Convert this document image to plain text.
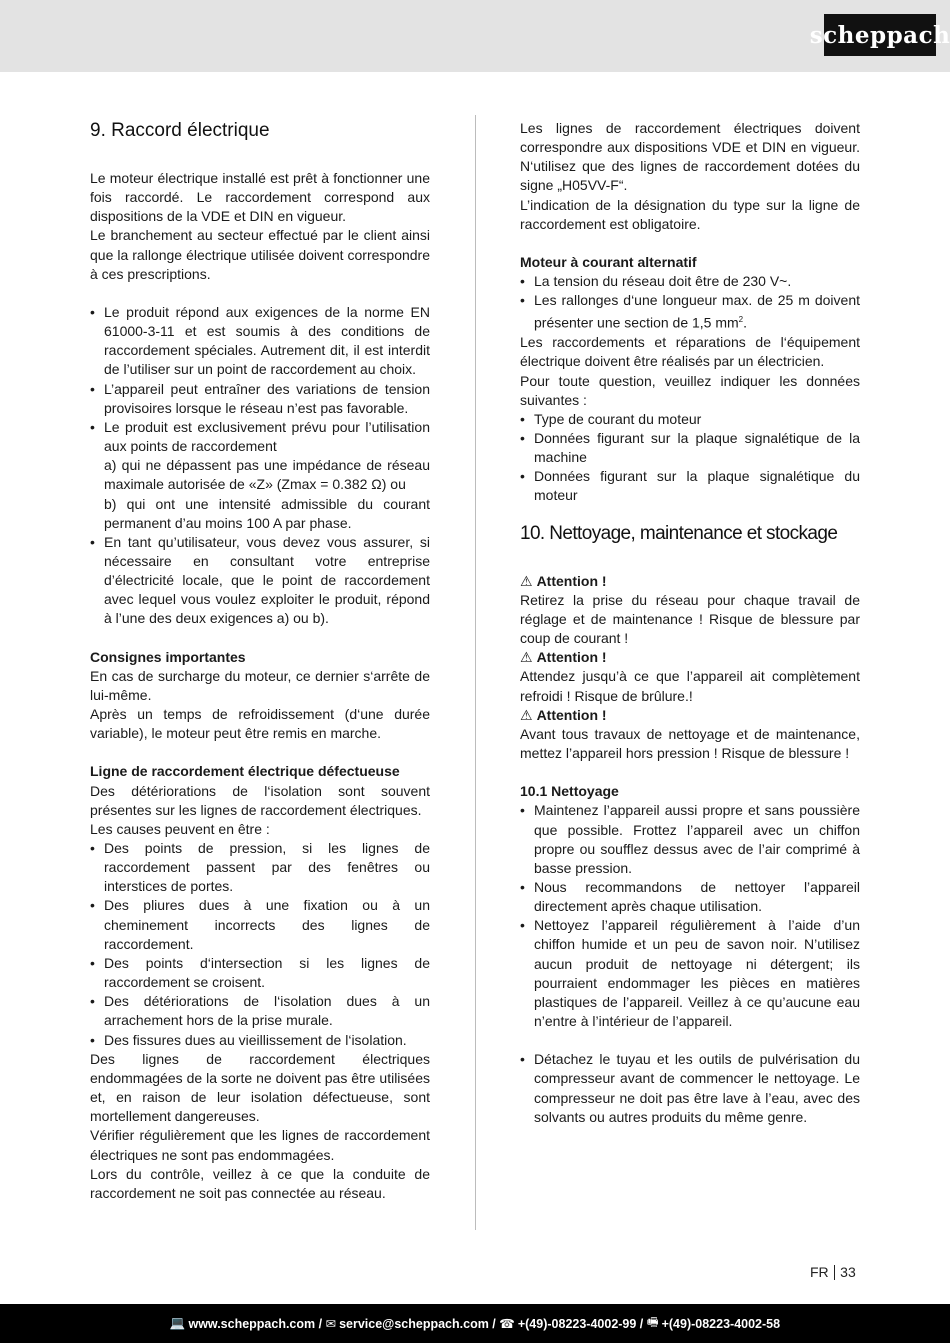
scheppach
9. Raccord électrique

Le moteur électrique installé est prêt à fonctionner une fois raccordé. Le raccordement correspond aux dispositions de la VDE et DIN en vigueur.

Le branchement au secteur effectué par le client ainsi que la rallonge électrique utilisée doivent correspondre à ces prescriptions.

• Le produit répond aux exigences de la norme EN 61000-3-11 et est soumis à des conditions de raccordement spéciales. Autrement dit, il est interdit de l’utiliser sur un point de raccordement au choix.
• L’appareil peut entraîner des variations de tension provisoires lorsque le réseau n’est pas favorable.

• Le produit est exclusivement prévu pour l’utilisation aux points de raccordement

a) qui ne dépassent pas une impédance de réseau maximale autorisée de «Z» (Zmax = 0.382 Ω) ou

b) qui ont une intensité admissible du courant permanent d’au moins 100 A par phase.

• En tant qu’utilisateur, vous devez vous assurer, si nécessaire en consultant votre entreprise d’électricité locale, que le point de raccordement avec lequel vous voulez exploiter le produit, répond à l’une des deux exigences a) ou b).

Consignes importantes

En cas de surcharge du moteur, ce dernier s‘arrête de lui-même.

Après un temps de refroidissement (d‘une durée variable), le moteur peut être remis en marche.

Ligne de raccordement électrique défectueuse

Des détériorations de l‘isolation sont souvent présentes sur les lignes de raccordement électriques.

Les causes peuvent en être :

• Des points de pression, si les lignes de raccordement passent par des fenêtres ou interstices de portes.
• Des pliures dues à une fixation ou à un cheminement incorrects des lignes de raccordement.
• Des points d‘intersection si les lignes de raccordement se croisent.
• Des détériorations de l‘isolation dues à un arrachement hors de la prise murale.
• Des fissures dues au vieillissement de l‘isolation.

Des lignes de raccordement électriques endommagées de la sorte ne doivent pas être utilisées et, en raison de leur isolation défectueuse, sont mortellement dangereuses.

Vérifier régulièrement que les lignes de raccordement électriques ne sont pas endommagées.

Lors du contrôle, veillez à ce que la conduite de raccordement ne soit pas connectée au réseau.

Les lignes de raccordement électriques doivent correspondre aux dispositions VDE et DIN en vigueur. N‘utilisez que des lignes de raccordement dotées du signe „H05VV-F“.

L’indication de la désignation du type sur la ligne de raccordement est obligatoire.

Moteur à courant alternatif

• La tension du réseau doit être de 230 V~.
• Les rallonges d‘une longueur max. de 25 m doivent présenter une section de 1,5 $mm^2$.

Les raccordements et réparations de l‘équipement électrique doivent être réalisés par un électricien.

Pour toute question, veuillez indiquer les données suivantes :

• Type de courant du moteur
• Données figurant sur la plaque signalétique de la machine
• Données figurant sur la plaque signalétique du moteur
10. Nettoyage, maintenance et stockage

⚠ Attention !

Retirez la prise du réseau pour chaque travail de réglage et de maintenance ! Risque de blessure par coup de courant !

⚠ Attention !

Attendez jusqu’à ce que l’appareil ait complètement refroidi ! Risque de brûlure.!

⚠ Attention !

Avant tous travaux de nettoyage et de maintenance, mettez l’appareil hors pression ! Risque de blessure !

10.1 Nettoyage

• Maintenez l’appareil aussi propre et sans poussière que possible. Frottez l’appareil avec un chiffon propre ou soufflez dessus avec de l’air comprimé à basse pression.
• Nous recommandons de nettoyer l’appareil directement après chaque utilisation.
• Nettoyez l’appareil régulièrement à l’aide d’un chiffon humide et un peu de savon noir. N’utilisez aucun produit de nettoyage ni détergent; ils pourraient endommager les pièces en matières plastiques de l’appareil. Veillez à ce qu’aucune eau n’entre à l’intérieur de l’appareil.
• Détachez le tuyau et les outils de pulvérisation du compresseur avant de commencer le nettoyage. Le compresseur ne doit pas être lave à l’eau, avec des solvants ou autres produits du même genre.
FR 33
💻 www.scheppach.com /
✉ service@scheppach.com /
☎ +(49)-08223-4002-99 /
🖷 +(49)-08223-4002-58
